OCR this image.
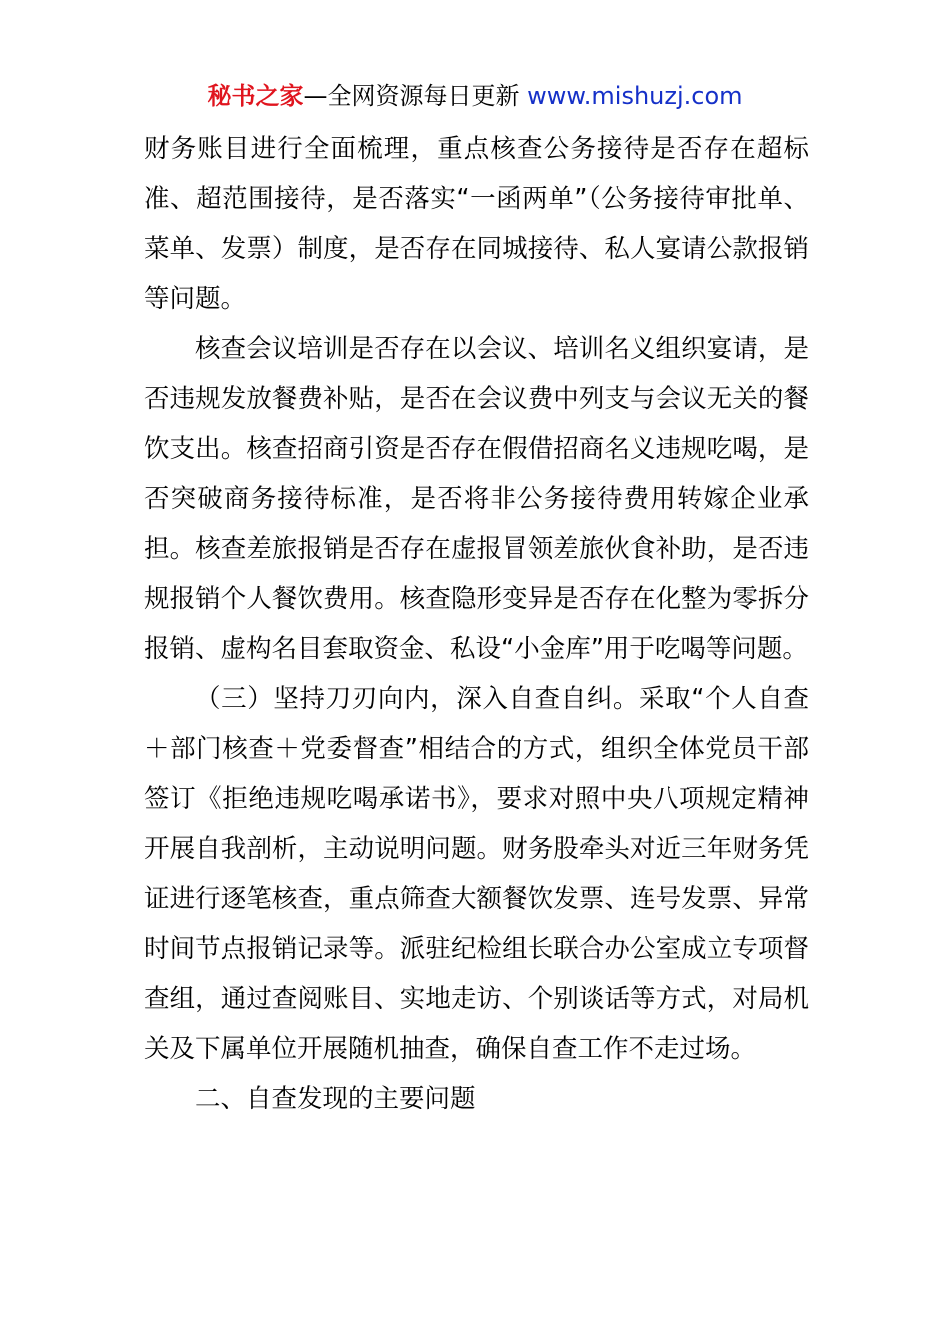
秘书之家—全网资源每日更新 www.mishuzj.com

财务账目进行全面梳理，重点核查公务接待是否存在超标准、超范围接待，是否落实“一函两单”（公务接待审批单、菜单、发票）制度，是否存在同城接待、私人宴请公款报销等问题。

核查会议培训是否存在以会议、培训名义组织宴请，是否违规发放餐费补贴，是否在会议费中列支与会议无关的餐饮支出。核查招商引资是否存在假借招商名义违规吃喝，是否突破商务接待标准，是否将非公务接待费用转嫁企业承担。核查差旅报销是否存在虚报冒领差旅伙食补助，是否违规报销个人餐饮费用。核查隐形变异是否存在化整为零拆分报销、虚构名目套取资金、私设“小金库”用于吃喝等问题。

（三）坚持刀刃向内，深入自查自纠。采取“个人自查＋部门核查＋党委督查”相结合的方式，组织全体党员干部签订《拒绝违规吃喝承诺书》，要求对照中央八项规定精神开展自我剖析，主动说明问题。财务股牵头对近三年财务凭证进行逐笔核查，重点筛查大额餐饮发票、连号发票、异常时间节点报销记录等。派驻纪检组长联合办公室成立专项督查组，通过查阅账目、实地走访、个别谈话等方式，对局机关及下属单位开展随机抽查，确保自查工作不走过场。

二、自查发现的主要问题
